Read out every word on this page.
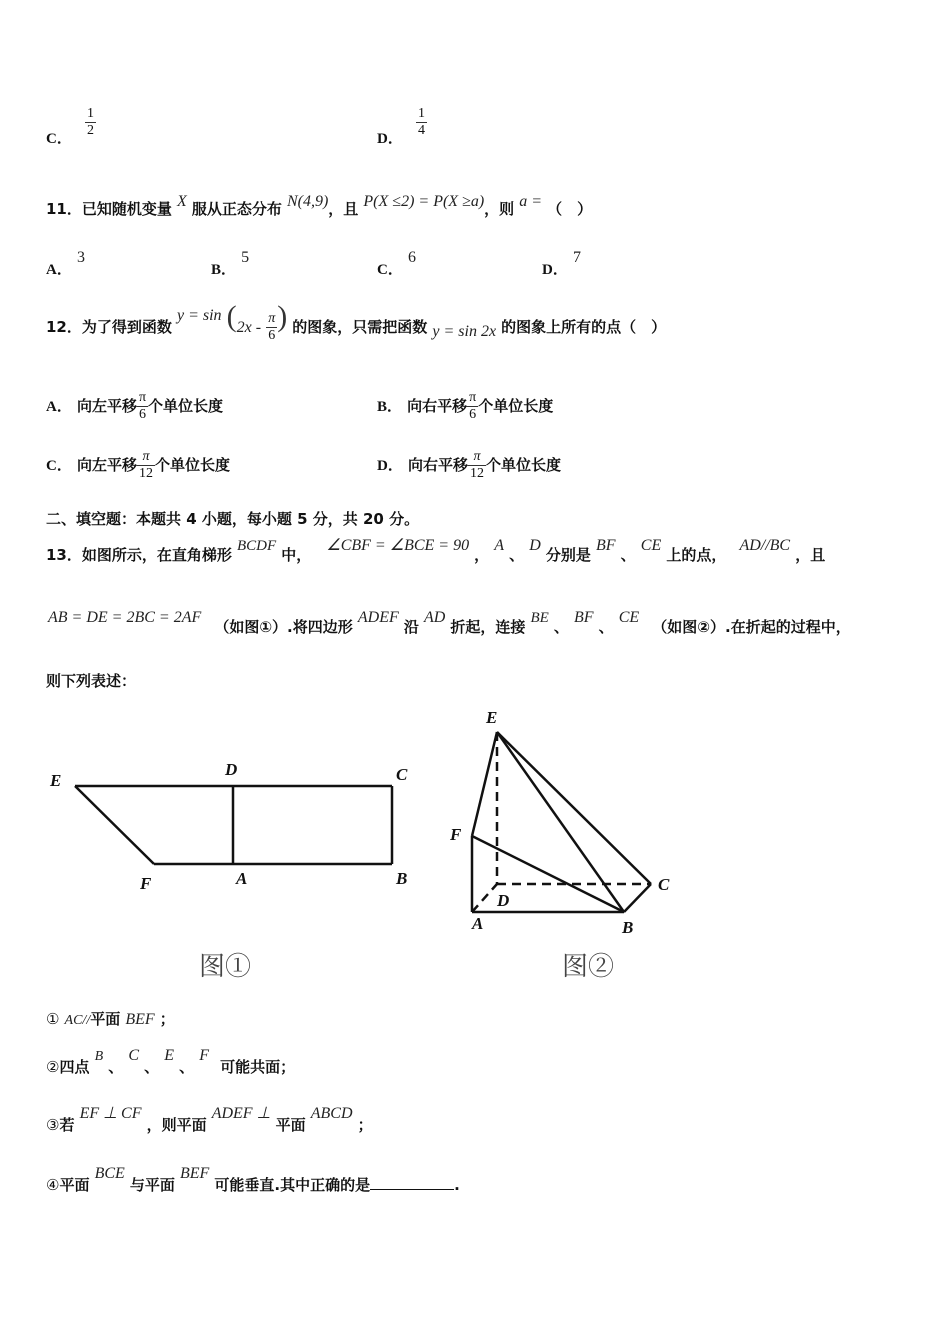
C． $\frac{1}{2}$	D． $\frac{1}{4}$
11．已知随机变量 X 服从正态分布 N(4,9)，且 P(X ≤2) = P(X ≥a)，则 a = （　）
A． 3
B． 5
C． 6
D． 7
12．为了得到函数 $y = \sin (2x - \frac{\pi}{6}$ ) 的图象，只需把函数 y = sin 2x 的图象上所有的点（　）
A． 向左平移 $\frac{\pi}{6}$ 个单位长度	B． 向右平移 $\frac{\pi}{6}$ 个单位长度
C． 向左平移 $\frac{\pi}{12}$ 个单位长度	D． 向右平移 $\frac{\pi}{12}$ 个单位长度
二、填空题：本题共 4 小题，每小题 5 分，共 20 分。
13．如图所示，在直角梯形 BCDF 中， ∠CBF = ∠BCE = 90 ， A 、 D 分别是 BF 、 CE 上的点， AD//BC ，且
AB = DE = 2BC = 2AF （如图①）.将四边形 ADEF 沿 AD 折起，连接 BE 、 BF 、 CE （如图②）.在折起的过程中，
则下列表述：
E
D	C
F	A	B
图①
E
F
D
C
A	B
图②
① AC//平面 BEF ；
②四点 B 、 C 、 E 、 F 可能共面；
③若 EF ⊥ CF ，则平面 ADEF ⊥ 平面 ABCD ；
④平面 BCE 与平面 BEF 可能垂直.其中正确的是	.
